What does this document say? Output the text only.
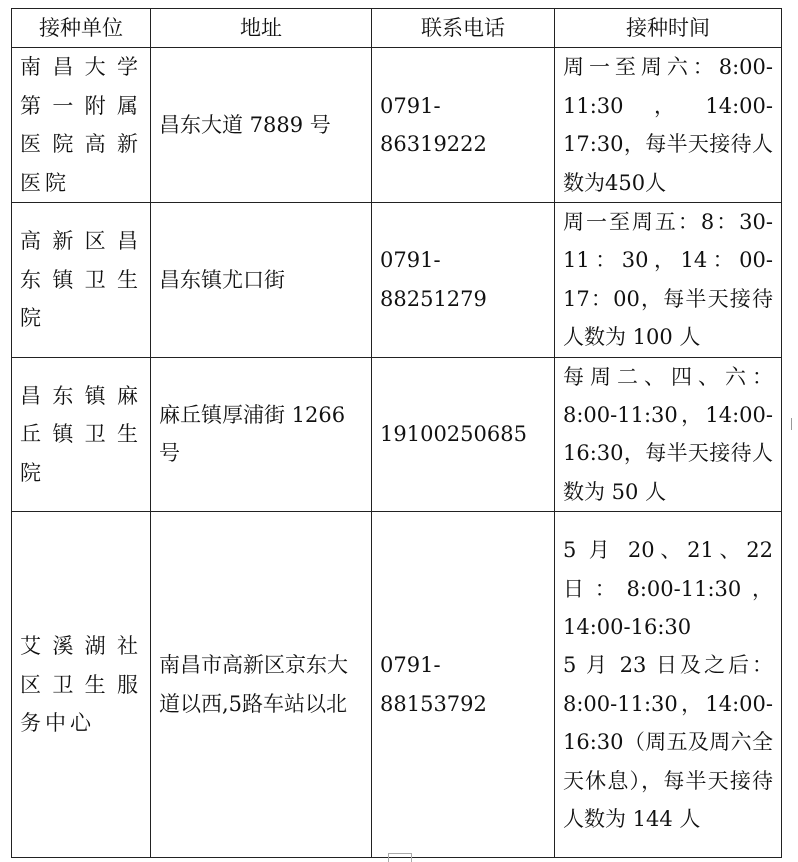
接种单位	地址	联系电话	接种时间

南昌大学第一附属医院高新医院	昌东大道 7889 号	0791-86319222	周一至周六：8:00-11:30，14:00-17:30，每半天接待人数为450人

高新区昌东镇卫生院	昌东镇尤口街	0791-88251279	周一至周五：8：30-11：30，14：00-17：00，每半天接待人数为 100 人

昌东镇麻丘镇卫生院	麻丘镇厚浦街 1266 号	19100250685	每周二、四、六：8:00-11:30，14:00-16:30，每半天接待人数为 50 人

艾溪湖社区卫生服务中心	南昌市高新区京东大道以西,5路车站以北	0791-88153792	5 月 20、21、22 日：8:00-11:30，14:00-16:30
5 月 23 日及之后：8:00-11:30，14:00-16:30（周五及周六全天休息），每半天接待人数为 144 人
